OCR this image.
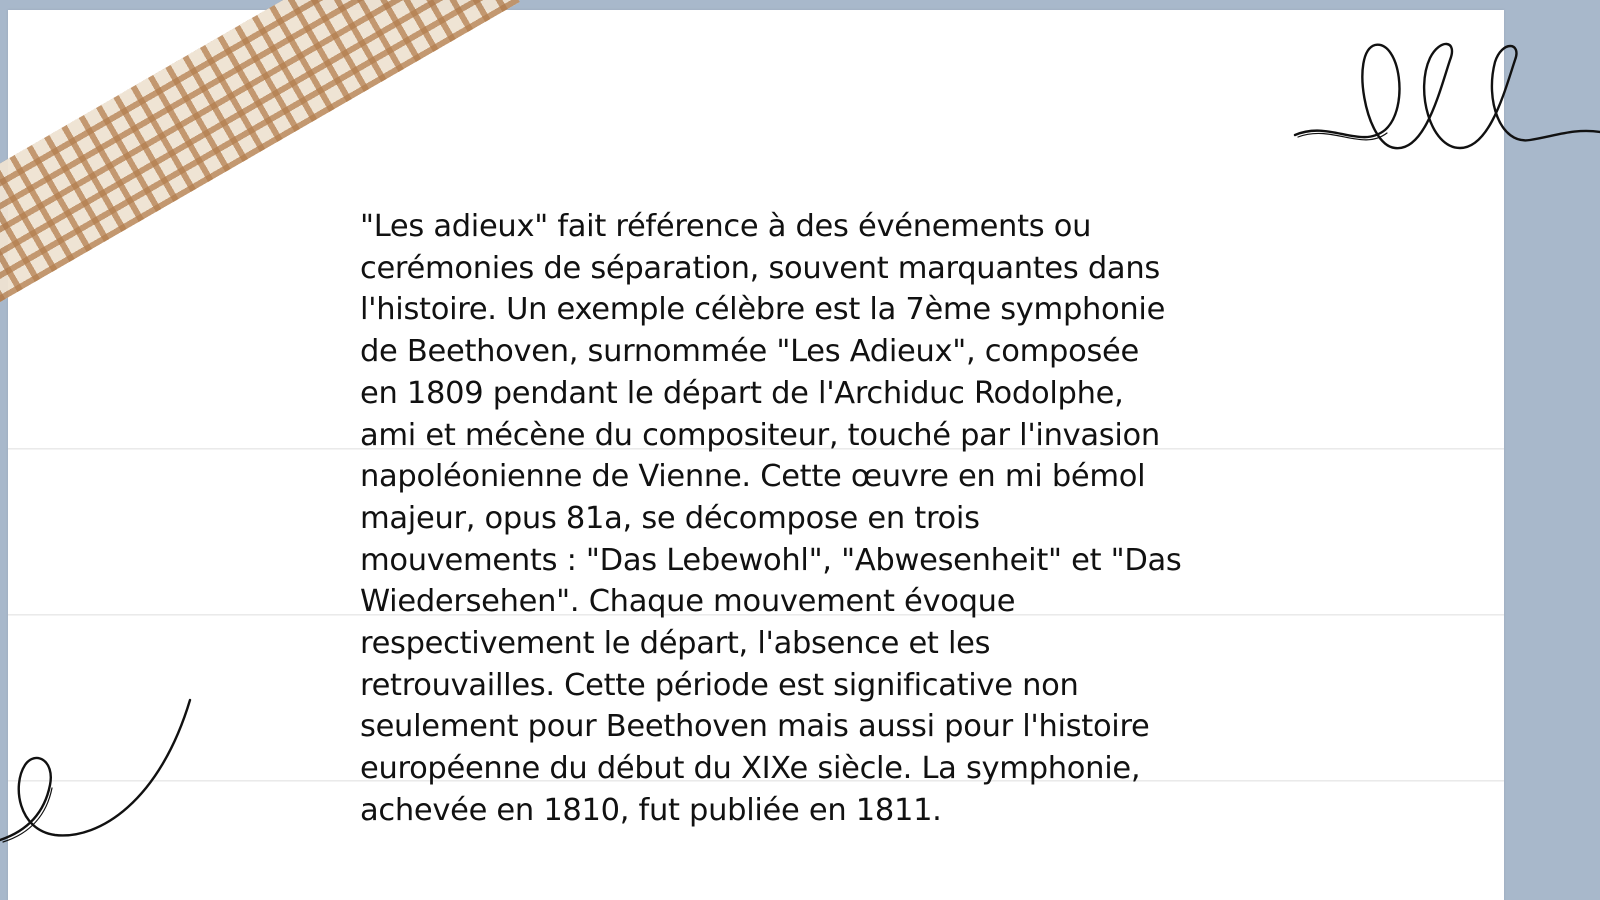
"Les adieux" fait référence à des événements ou
cerémonies de séparation, souvent marquantes dans
l'histoire. Un exemple célèbre est la 7ème symphonie
de Beethoven, surnommée "Les Adieux", composée
en 1809 pendant le départ de l'Archiduc Rodolphe,
ami et mécène du compositeur, touché par l'invasion
napoléonienne de Vienne. Cette œuvre en mi bémol
majeur, opus 81a, se décompose en trois
mouvements : "Das Lebewohl", "Abwesenheit" et "Das
Wiedersehen". Chaque mouvement évoque
respectivement le départ, l'absence et les
retrouvailles. Cette période est significative non
seulement pour Beethoven mais aussi pour l'histoire
européenne du début du XIXe siècle. La symphonie,
achevée en 1810, fut publiée en 1811.
